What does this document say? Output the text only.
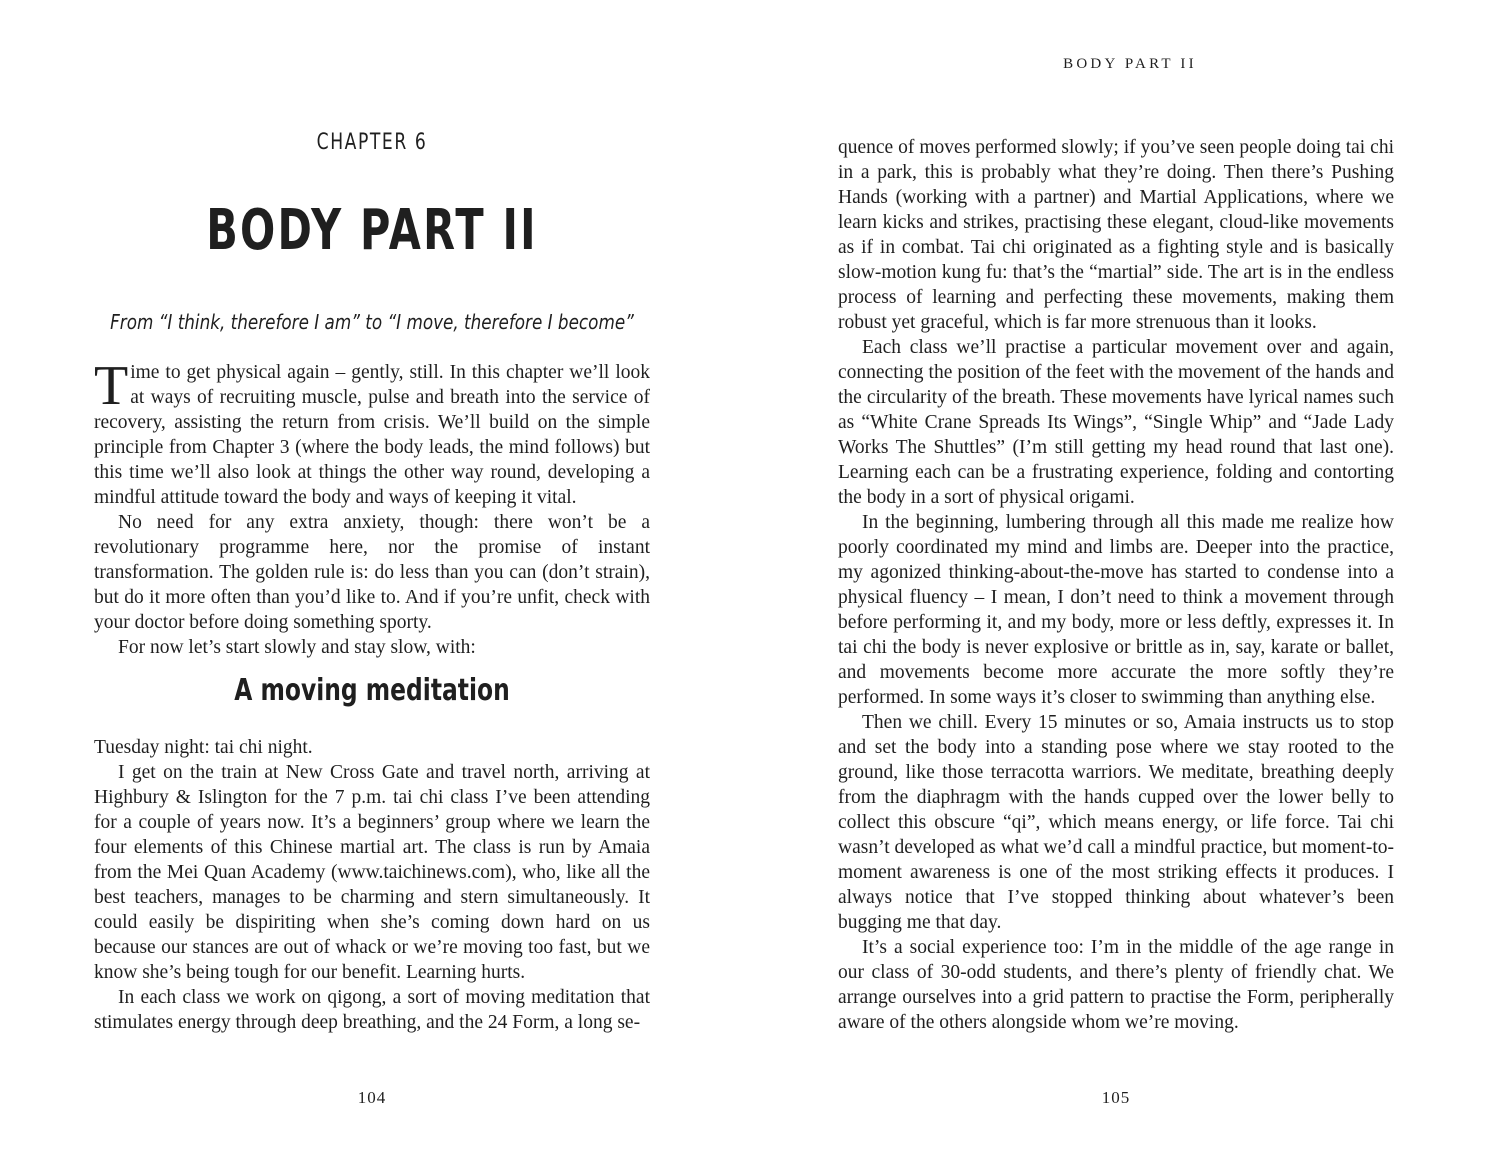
CHAPTER 6
BODY PART II
From “I think, therefore I am” to “I move, therefore I become”

Time to get physical again – gently, still. In this chapter we’ll look at ways of recruiting muscle, pulse and breath into the service of recovery, assisting the return from crisis. We’ll build on the simple principle from Chapter 3 (where the body leads, the mind follows) but this time we’ll also look at things the other way round, developing a mindful attitude toward the body and ways of keeping it vital.

No need for any extra anxiety, though: there won’t be a revolutionary programme here, nor the promise of instant transformation. The golden rule is: do less than you can (don’t strain), but do it more often than you’d like to. And if you’re unfit, check with your doctor before doing something sporty.

For now let’s start slowly and stay slow, with:

A moving meditation

Tuesday night: tai chi night.

I get on the train at New Cross Gate and travel north, arriving at Highbury & Islington for the 7 p.m. tai chi class I’ve been attending for a couple of years now. It’s a beginners’ group where we learn the four elements of this Chinese martial art. The class is run by Amaia from the Mei Quan Academy (www.taichinews.com), who, like all the best teachers, manages to be charming and stern simultaneously. It could easily be dispiriting when she’s coming down hard on us because our stances are out of whack or we’re moving too fast, but we know she’s being tough for our benefit. Learning hurts.

In each class we work on qigong, a sort of moving meditation that stimulates energy through deep breathing, and the 24 Form, a long se-

104
BODY PART II

quence of moves performed slowly; if you’ve seen people doing tai chi in a park, this is probably what they’re doing. Then there’s Pushing Hands (working with a partner) and Martial Applications, where we learn kicks and strikes, practising these elegant, cloud-like movements as if in combat. Tai chi originated as a fighting style and is basically slow-motion kung fu: that’s the “martial” side. The art is in the endless process of learning and perfecting these movements, making them robust yet graceful, which is far more strenuous than it looks.

Each class we’ll practise a particular movement over and again, connecting the position of the feet with the movement of the hands and the circularity of the breath. These movements have lyrical names such as “White Crane Spreads Its Wings”, “Single Whip” and “Jade Lady Works The Shuttles” (I’m still getting my head round that last one). Learning each can be a frustrating experience, folding and contorting the body in a sort of physical origami.

In the beginning, lumbering through all this made me realize how poorly coordinated my mind and limbs are. Deeper into the practice, my agonized thinking-about-the-move has started to condense into a physical fluency – I mean, I don’t need to think a movement through before performing it, and my body, more or less deftly, expresses it. In tai chi the body is never explosive or brittle as in, say, karate or ballet, and movements become more accurate the more softly they’re performed. In some ways it’s closer to swimming than anything else.

Then we chill. Every 15 minutes or so, Amaia instructs us to stop and set the body into a standing pose where we stay rooted to the ground, like those terracotta warriors. We meditate, breathing deeply from the diaphragm with the hands cupped over the lower belly to collect this obscure “qi”, which means energy, or life force. Tai chi wasn’t developed as what we’d call a mindful practice, but moment-to-moment awareness is one of the most striking effects it produces. I always notice that I’ve stopped thinking about whatever’s been bugging me that day.

It’s a social experience too: I’m in the middle of the age range in our class of 30-odd students, and there’s plenty of friendly chat. We arrange ourselves into a grid pattern to practise the Form, peripherally aware of the others alongside whom we’re moving.

105
